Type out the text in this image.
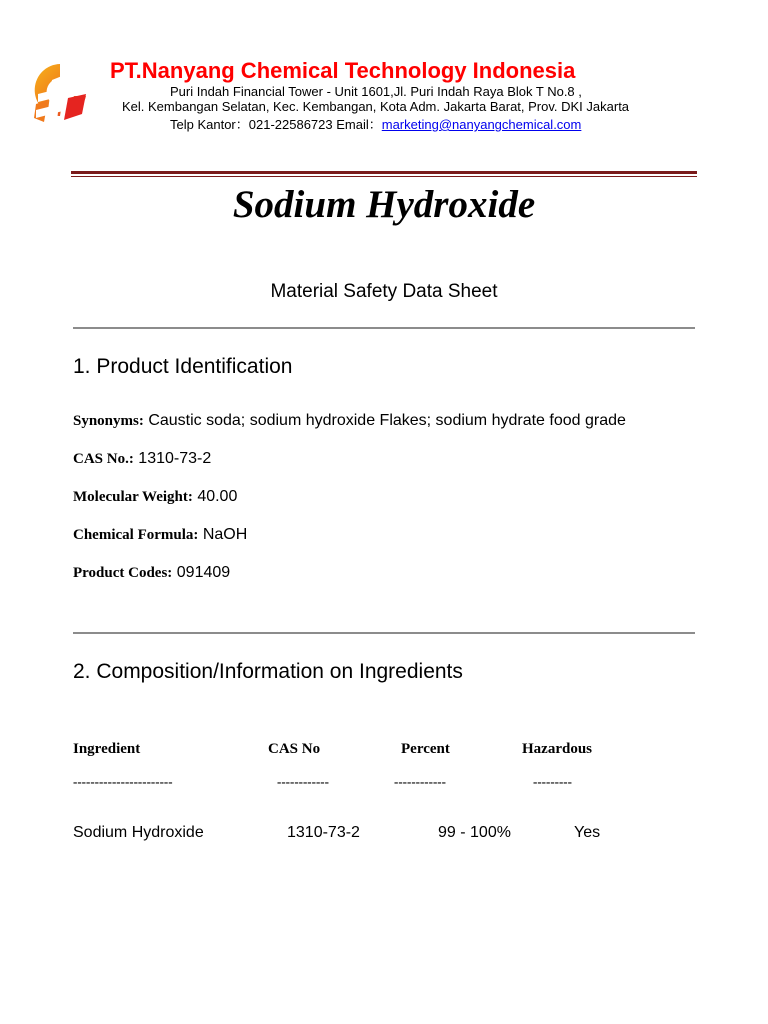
PT.Nanyang Chemical Technology Indonesia
Puri Indah Financial Tower - Unit 1601,Jl. Puri Indah Raya Blok T No.8 ,
Kel. Kembangan Selatan, Kec. Kembangan, Kota Adm. Jakarta Barat, Prov. DKI Jakarta
Telp Kantor：021-22586723 Email：marketing@nanyangchemical.com
Sodium Hydroxide
Material Safety Data Sheet
1. Product Identification
Synonyms: Caustic soda; sodium hydroxide Flakes; sodium hydrate food grade
CAS No.: 1310-73-2
Molecular Weight: 40.00
Chemical Formula: NaOH
Product Codes: 091409
2. Composition/Information on Ingredients
Ingredient	CAS No	Percent	Hazardous
-----------------------	------------	------------	---------
Sodium Hydroxide	1310-73-2	99 - 100%	Yes
